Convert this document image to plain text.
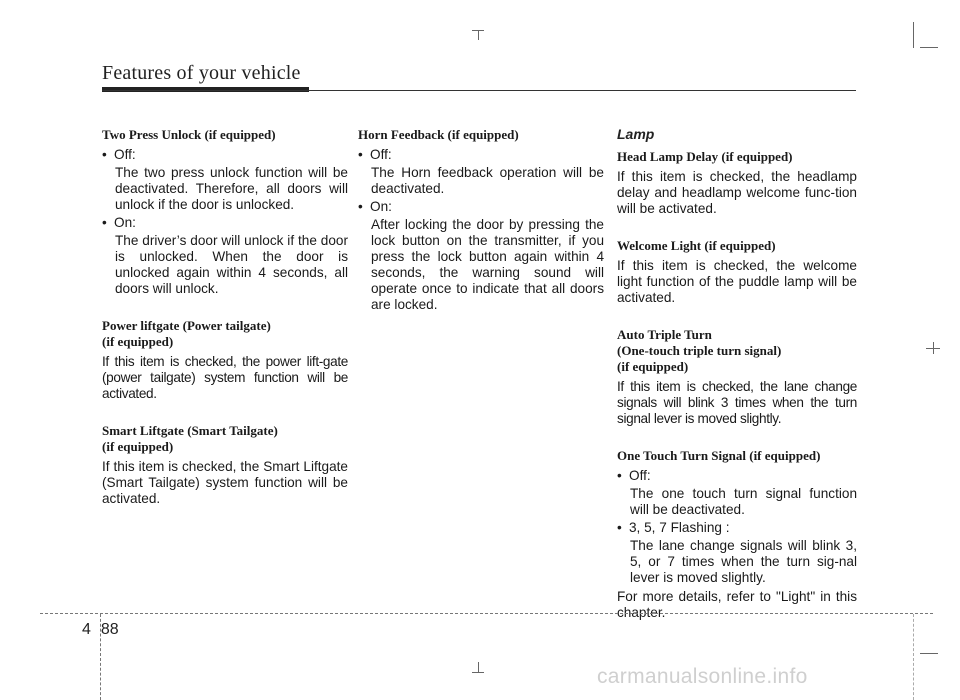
Features of your vehicle
Two Press Unlock (if equipped)
• Off:
The two press unlock function will be deactivated. Therefore, all doors will unlock if the door is unlocked.
• On:
The driver’s door will unlock if the door is unlocked. When the door is unlocked again within 4 seconds, all doors will unlock.
Power liftgate (Power tailgate)
(if equipped)

If this item is checked, the power lift-gate (power tailgate) system function will be activated.

Smart Liftgate (Smart Tailgate)
(if equipped)

If this item is checked, the Smart Liftgate (Smart Tailgate) system function will be activated.

Horn Feedback (if equipped)
• Off:
The Horn feedback operation will be deactivated.
• On:
After locking the door by pressing the lock button on the transmitter, if you press the lock button again within 4 seconds, the warning sound will operate once to indicate that all doors are locked.
Lamp
Head Lamp Delay (if equipped)

If this item is checked, the headlamp delay and headlamp welcome func-tion will be activated.

Welcome Light (if equipped)

If this item is checked, the welcome light function of the puddle lamp will be activated.

Auto Triple Turn
(One-touch triple turn signal)
(if equipped)

If this item is checked, the lane change signals will blink 3 times when the turn signal lever is moved slightly.

One Touch Turn Signal (if equipped)
• Off:
The one touch turn signal function will be deactivated.
• 3, 5, 7 Flashing :
The lane change signals will blink 3, 5, or 7 times when the turn sig-nal lever is moved slightly.

For more details, refer to "Light" in this chapter.

4 88
carmanualsonline.info
